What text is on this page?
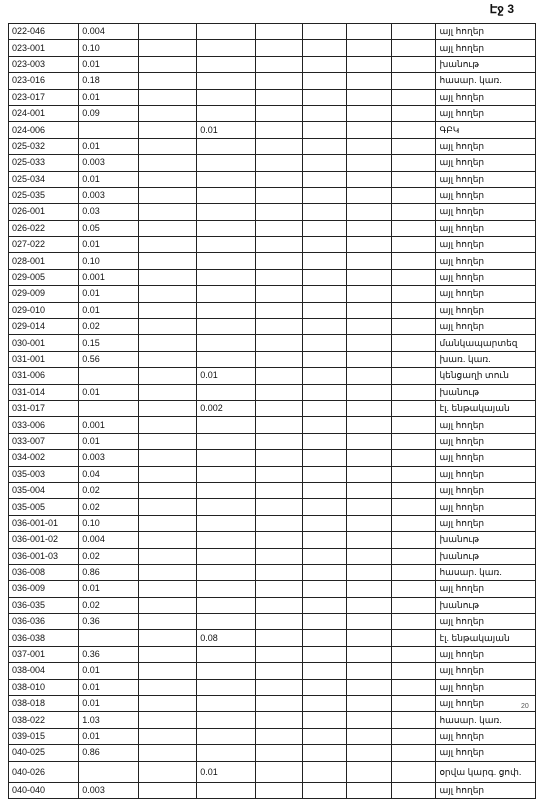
Էջ 3
022-046	0.004							այլ հողեր
023-001	0.10							այլ հողեր
023-003	0.01							խանութ
023-016	0.18							հասար. կառ.
023-017	0.01							այլ հողեր
024-001	0.09							այլ հողեր
024-006			0.01					ԳԲԿ
025-032	0.01							այլ հողեր
025-033	0.003							այլ հողեր
025-034	0.01							այլ հողեր
025-035	0.003							այլ հողեր
026-001	0.03							այլ հողեր
026-022	0.05							այլ հողեր
027-022	0.01							այլ հողեր
028-001	0.10							այլ հողեր
029-005	0.001							այլ հողեր
029-009	0.01							այլ հողեր
029-010	0.01							այլ հողեր
029-014	0.02							այլ հողեր
030-001	0.15							մանկապարտեզ
031-001	0.56							խառ. կառ.
031-006			0.01					կենցաղի տուն
031-014	0.01							խանութ
031-017			0.002					էլ. ենթակայան
033-006	0.001							այլ հողեր
033-007	0.01							այլ հողեր
034-002	0.003							այլ հողեր
035-003	0.04							այլ հողեր
035-004	0.02							այլ հողեր
035-005	0.02							այլ հողեր
036-001-01	0.10							այլ հողեր
036-001-02	0.004							խանութ
036-001-03	0.02							խանութ
036-008	0.86							հասար. կառ.
036-009	0.01							այլ հողեր
036-035	0.02							խանութ
036-036	0.36							այլ հողեր
036-038			0.08					էլ. ենթակայան
037-001	0.36							այլ հողեր
038-004	0.01							այլ հողեր
038-010	0.01							այլ հողեր
038-018	0.01							այլ հողեր
038-022	1.03							հասար. կառ.
039-015	0.01							այլ հողեր
040-025	0.86							այլ հողեր
040-026			0.01					օրվա կարգ. ցոփ.
040-040	0.003							այլ հողեր
20
